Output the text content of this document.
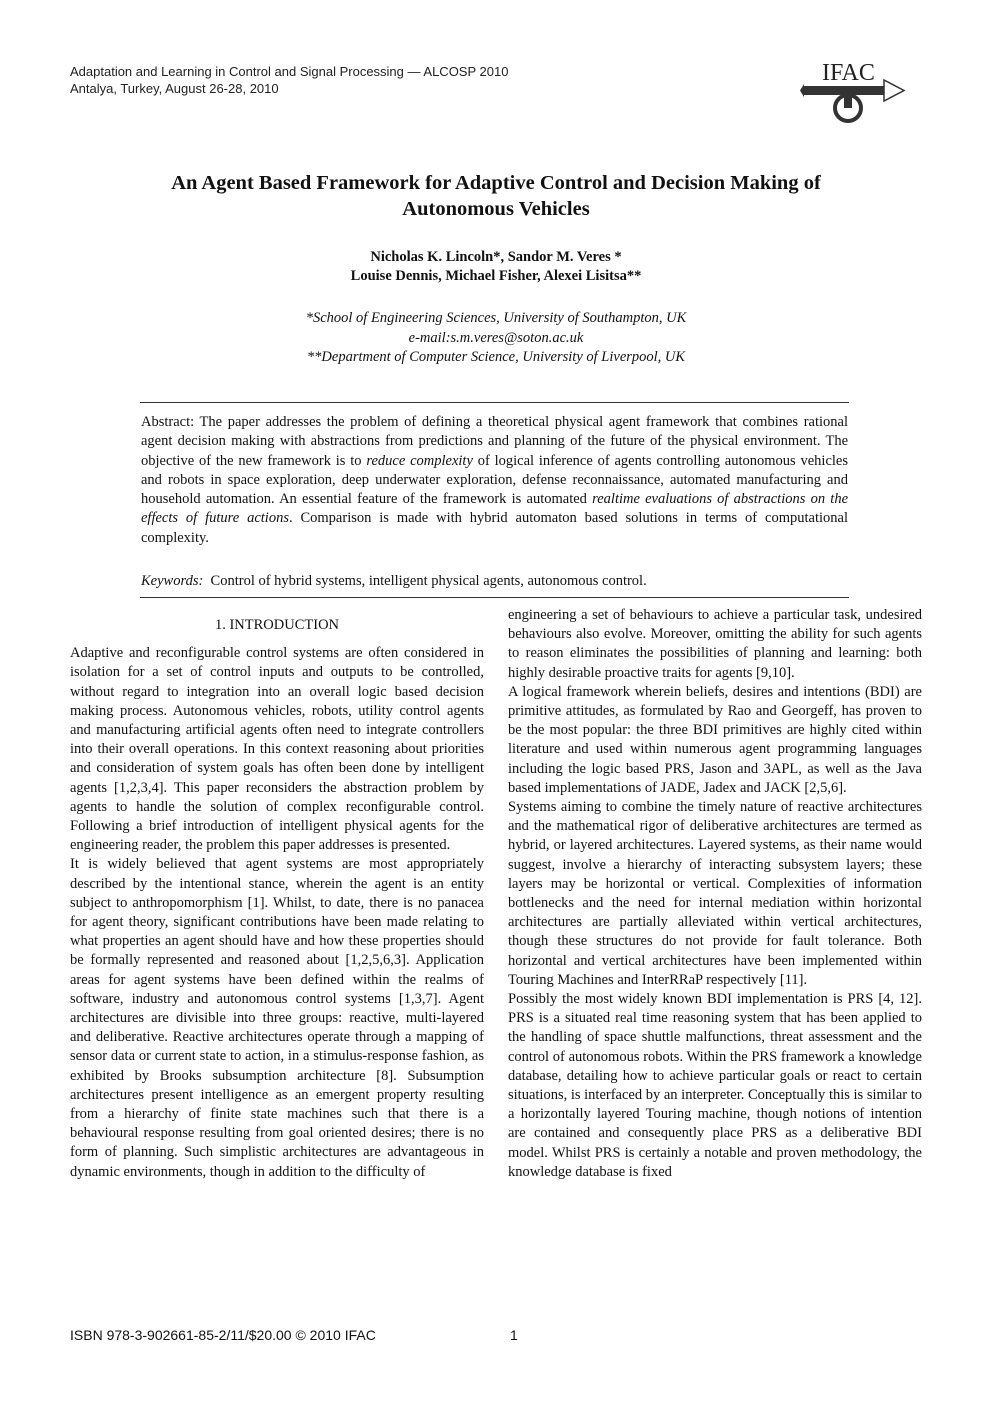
Adaptation and Learning in Control and Signal Processing — ALCOSP 2010
Antalya, Turkey, August 26-28, 2010
IFAC
An Agent Based Framework for Adaptive Control and Decision Making of
Autonomous Vehicles
Nicholas K. Lincoln*, Sandor M. Veres *
Louise Dennis, Michael Fisher, Alexei Lisitsa**
*School of Engineering Sciences, University of Southampton, UK
e-mail:s.m.veres@soton.ac.uk
**Department of Computer Science, University of Liverpool, UK

Abstract: The paper addresses the problem of defining a theoretical physical agent framework that combines rational agent decision making with abstractions from predictions and planning of the future of the physical environment. The objective of the new framework is to reduce complexity of logical inference of agents controlling autonomous vehicles and robots in space exploration, deep underwater exploration, defense reconnaissance, automated manufacturing and household automation. An essential feature of the framework is automated realtime evaluations of abstractions on the effects of future actions. Comparison is made with hybrid automaton based solutions in terms of computational complexity.

Keywords: Control of hybrid systems, intelligent physical agents, autonomous control.

1. INTRODUCTION

Adaptive and reconfigurable control systems are often considered in isolation for a set of control inputs and outputs to be controlled, without regard to integration into an overall logic based decision making process. Autonomous vehicles, robots, utility control agents and manufacturing artificial agents often need to integrate controllers into their overall operations. In this context reasoning about priorities and consideration of system goals has often been done by intelligent agents [1,2,3,4]. This paper reconsiders the abstraction problem by agents to handle the solution of complex reconfigurable control. Following a brief introduction of intelligent physical agents for the engineering reader, the problem this paper addresses is presented.

It is widely believed that agent systems are most appropriately described by the intentional stance, wherein the agent is an entity subject to anthropomorphism [1]. Whilst, to date, there is no panacea for agent theory, significant contributions have been made relating to what properties an agent should have and how these properties should be formally represented and reasoned about [1,2,5,6,3]. Application areas for agent systems have been defined within the realms of software, industry and autonomous control systems [1,3,7]. Agent architectures are divisible into three groups: reactive, multi-layered and deliberative. Reactive architectures operate through a mapping of sensor data or current state to action, in a stimulus-response fashion, as exhibited by Brooks subsumption architecture [8]. Subsumption architectures present intelligence as an emergent property resulting from a hierarchy of finite state machines such that there is a behavioural response resulting from goal oriented desires; there is no form of planning. Such simplistic architectures are advantageous in dynamic environments, though in addition to the difficulty of

engineering a set of behaviours to achieve a particular task, undesired behaviours also evolve. Moreover, omitting the ability for such agents to reason eliminates the possibilities of planning and learning: both highly desirable proactive traits for agents [9,10].

A logical framework wherein beliefs, desires and intentions (BDI) are primitive attitudes, as formulated by Rao and Georgeff, has proven to be the most popular: the three BDI primitives are highly cited within literature and used within numerous agent programming languages including the logic based PRS, Jason and 3APL, as well as the Java based implementations of JADE, Jadex and JACK [2,5,6].

Systems aiming to combine the timely nature of reactive architectures and the mathematical rigor of deliberative architectures are termed as hybrid, or layered architectures. Layered systems, as their name would suggest, involve a hierarchy of interacting subsystem layers; these layers may be horizontal or vertical. Complexities of information bottlenecks and the need for internal mediation within horizontal architectures are partially alleviated within vertical architectures, though these structures do not provide for fault tolerance. Both horizontal and vertical architectures have been implemented within Touring Machines and InterRRaP respectively [11].

Possibly the most widely known BDI implementation is PRS [4, 12]. PRS is a situated real time reasoning system that has been applied to the handling of space shuttle malfunctions, threat assessment and the control of autonomous robots. Within the PRS framework a knowledge database, detailing how to achieve particular goals or react to certain situations, is interfaced by an interpreter. Conceptually this is similar to a horizontally layered Touring machine, though notions of intention are contained and consequently place PRS as a deliberative BDI model. Whilst PRS is certainly a notable and proven methodology, the knowledge database is fixed

ISBN 978-3-902661-85-2/11/$20.00 © 2010 IFAC	1
